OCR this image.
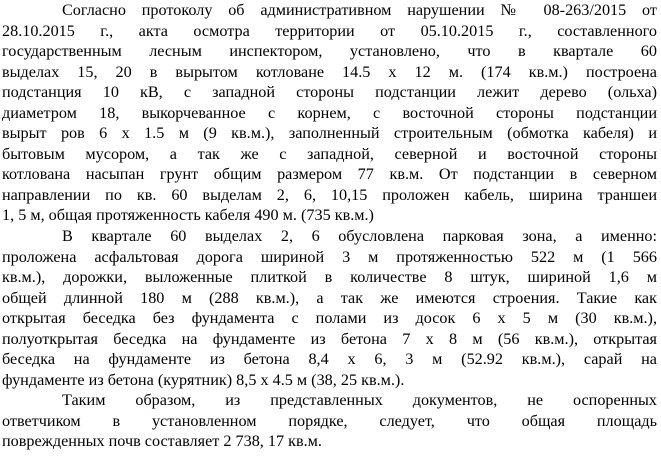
Согласно протоколу об административном нарушении № 08-263/2015 от
28.10.2015 г., акта осмотра территории от 05.10.2015 г., составленного
государственным лесным инспектором, установлено, что в квартале 60
выделах 15, 20 в вырытом котловане 14.5 х 12 м. (174 кв.м.) построена
подстанция 10 кВ, с западной стороны подстанции лежит дерево (ольха)
диаметром 18, выкорчеванное с корнем, с восточной стороны подстанции
вырыт ров 6 х 1.5 м (9 кв.м.), заполненный строительным (обмотка кабеля) и
бытовым мусором, а так же с западной, северной и восточной стороны
котлована насыпан грунт общим размером 77 кв.м. От подстанции в северном
направлении по кв. 60 выделам 2, 6, 10,15 проложен кабель, ширина траншеи
1, 5 м, общая протяженность кабеля 490 м. (735 кв.м.)
В квартале 60 выделах 2, 6 обусловлена парковая зона, а именно:
проложена асфальтовая дорога шириной 3 м протяженностью 522 м (1 566
кв.м.), дорожки, выложенные плиткой в количестве 8 штук, шириной 1,6 м
общей длинной 180 м (288 кв.м.), а так же имеются строения. Такие как
открытая беседка без фундамента с полами из досок 6 х 5 м (30 кв.м.),
полуоткрытая беседка на фундаменте из бетона 7 х 8 м (56 кв.м.), открытая
беседка на фундаменте из бетона 8,4 х 6, 3 м (52.92 кв.м.), сарай на
фундаменте из бетона (курятник) 8,5 х 4.5 м (38, 25 кв.м.).
Таким образом, из представленных документов, не оспоренных
ответчиком в установленном порядке, следует, что общая площадь
поврежденных почв составляет 2 738, 17 кв.м.
